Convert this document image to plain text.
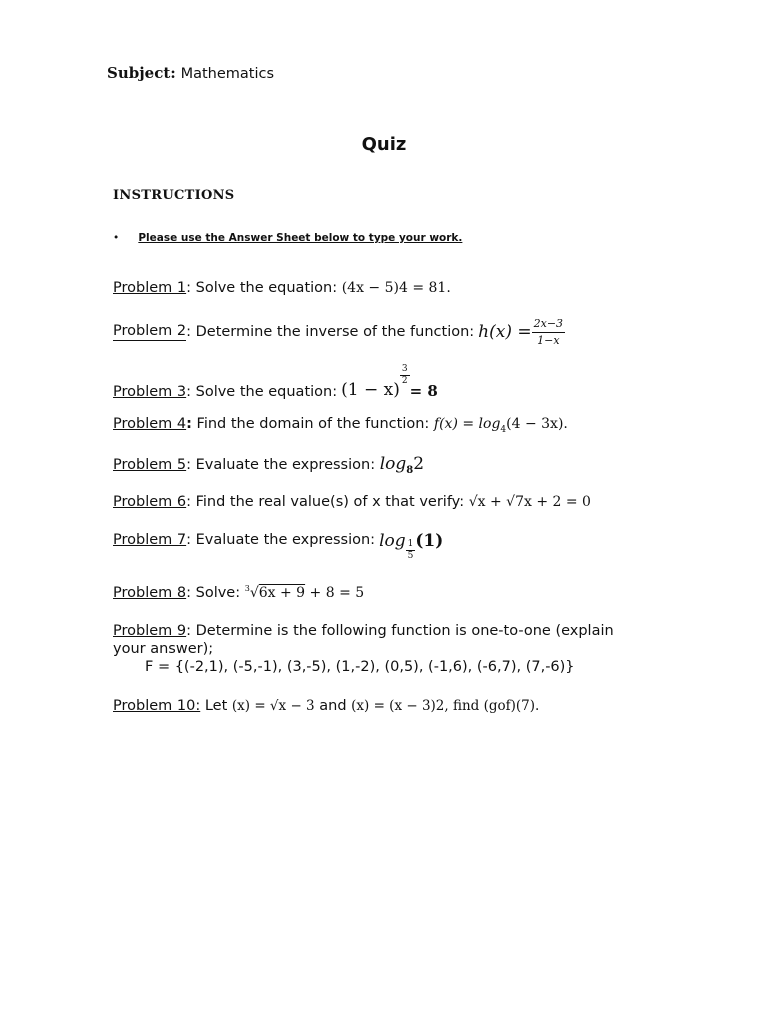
Subject: Mathematics
Quiz
INSTRUCTIONS
• Please use the Answer Sheet below to type your work.
Problem 1: Solve the equation: (4x − 5)4 = 81.
Problem 2 : Determine the inverse of the function: $h(x) = \frac{2x-3}{1-x}$
Problem 3 : Solve the equation: (1 − x)
$\frac{3}{2}$
= 8
Problem 4: Find the domain of the function: $f(x) = \log_4(4 - 3x)$.
Problem 5: Evaluate the expression: $\log_82$
Problem 6: Find the real value(s) of x that verify: √x + √7x + 2 = 0
Problem 7 : Evaluate the expression: $\log \frac{1}{5} (1)$
Problem 8: Solve: $^3$√6x + 9 + 8 = 5
Problem 9: Determine is the following function is one-to-one (explain
your answer);
F = {(-2,1), (-5,-1), (3,-5), (1,-2), (0,5), (-1,6), (-6,7), (7,-6)}
Problem 10: Let (x) = √x − 3 and (x) = (x − 3)2, find (gof)(7).
